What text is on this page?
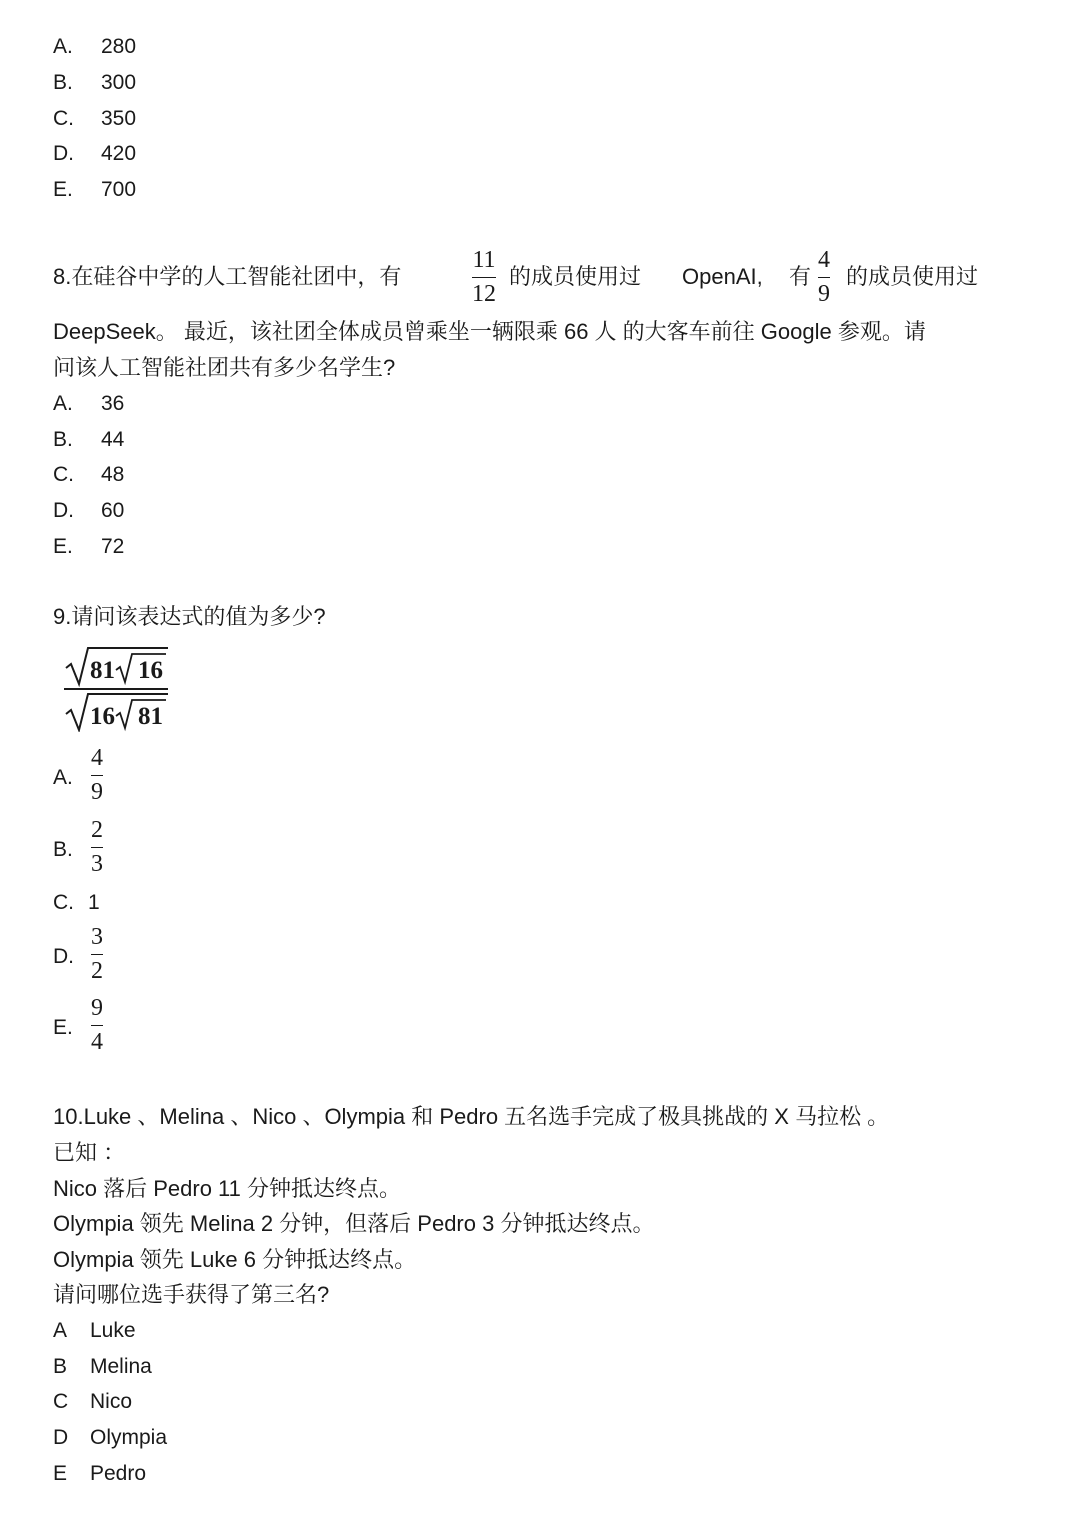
A. 280
B. 300
C. 350
D. 420
E. 700
8.在硅谷中学的人工智能社团中，有
11
12
的成员使用过 OpenAI, 有
4
9
的成员使用过
DeepSeek。 最近，该社团全体成员曾乘坐一辆限乘 66 人 的大客车前往 Google 参观。请
问该人工智能社团共有多少名学生?
A. 36
B. 44
C. 48
D. 60
E. 72
9.请问该表达式的值为多少?
81 16
16 81
A.
4
9
B.
2
3
C. 1
D.
3
2
E.
9
4
10.Luke 、Melina 、Nico 、Olympia 和 Pedro 五名选手完成了极具挑战的 X 马拉松 。
已知 ：
Nico 落后 Pedro 11 分钟抵达终点。
Olympia 领先 Melina 2 分钟，但落后 Pedro 3 分钟抵达终点。
Olympia 领先 Luke 6 分钟抵达终点。
请问哪位选手获得了第三名?
A Luke
B Melina
C Nico
D Olympia
E Pedro
